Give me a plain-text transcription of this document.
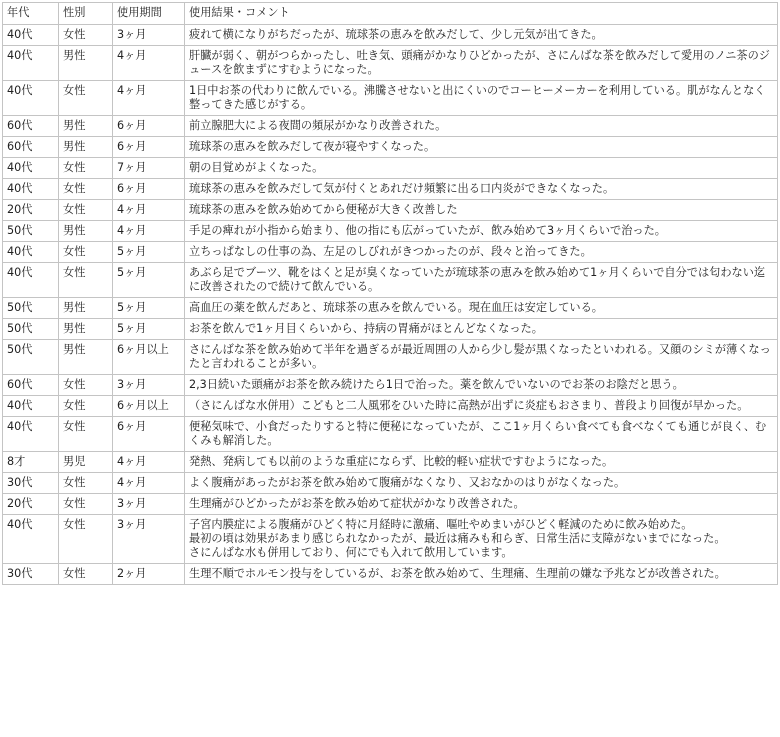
年代	性別	使用期間	使用結果・コメント
40代	女性	3ヶ月	疲れて横になりがちだったが、琉球茶の恵みを飲みだして、少し元気が出てきた。
40代	男性	4ヶ月	肝臓が弱く、朝がつらかったし、吐き気、頭痛がかなりひどかったが、さにんばな茶を飲みだして愛用のノニ茶のジュースを飲まずにすむようになった。
40代	女性	4ヶ月	1日中お茶の代わりに飲んでいる。沸騰させないと出にくいのでコーヒーメーカーを利用している。肌がなんとなく整ってきた感じがする。
60代	男性	6ヶ月	前立腺肥大による夜間の頻尿がかなり改善された。
60代	男性	6ヶ月	琉球茶の恵みを飲みだして夜が寝やすくなった。
40代	女性	7ヶ月	朝の目覚めがよくなった。
40代	女性	6ヶ月	琉球茶の恵みを飲みだして気が付くとあれだけ頻繁に出る口内炎ができなくなった。
20代	女性	4ヶ月	琉球茶の恵みを飲み始めてから便秘が大きく改善した
50代	男性	4ヶ月	手足の痺れが小指から始まり、他の指にも広がっていたが、飲み始めて3ヶ月くらいで治った。
40代	女性	5ヶ月	立ちっぱなしの仕事の為、左足のしびれがきつかったのが、段々と治ってきた。
40代	女性	5ヶ月	あぶら足でブーツ、靴をはくと足が臭くなっていたが琉球茶の恵みを飲み始めて1ヶ月くらいで自分では匂わない迄に改善されたので続けて飲んでいる。
50代	男性	5ヶ月	高血圧の薬を飲んだあと、琉球茶の恵みを飲んでいる。現在血圧は安定している。
50代	男性	5ヶ月	お茶を飲んで1ヶ月目くらいから、持病の胃痛がほとんどなくなった。
50代	男性	6ヶ月以上	さにんばな茶を飲み始めて半年を過ぎるが最近周囲の人から少し髪が黒くなったといわれる。又顔のシミが薄くなったと言われることが多い。
60代	女性	3ヶ月	2,3日続いた頭痛がお茶を飲み続けたら1日で治った。薬を飲んでいないのでお茶のお陰だと思う。
40代	女性	6ヶ月以上	（さにんばな水併用）こどもと二人風邪をひいた時に高熱が出ずに炎症もおさまり、普段より回復が早かった。
40代	女性	6ヶ月	便秘気味で、小食だったりすると特に便秘になっていたが、ここ1ヶ月くらい食べても食べなくても通じが良く、むくみも解消した。
8才	男児	4ヶ月	発熱、発病しても以前のような重症にならず、比較的軽い症状ですむようになった。
30代	女性	4ヶ月	よく腹痛があったがお茶を飲み始めて腹痛がなくなり、又おなかのはりがなくなった。
20代	女性	3ヶ月	生理痛がひどかったがお茶を飲み始めて症状がかなり改善された。
40代	女性	3ヶ月	子宮内膜症による腹痛がひどく特に月経時に激痛、嘔吐やめまいがひどく軽減のために飲み始めた。
最初の頃は効果があまり感じられなかったが、最近は痛みも和らぎ、日常生活に支障がないまでになった。
さにんばな水も併用しており、何にでも入れて飲用しています。
30代	女性	2ヶ月	生理不順でホルモン投与をしているが、お茶を飲み始めて、生理痛、生理前の嫌な予兆などが改善された。
